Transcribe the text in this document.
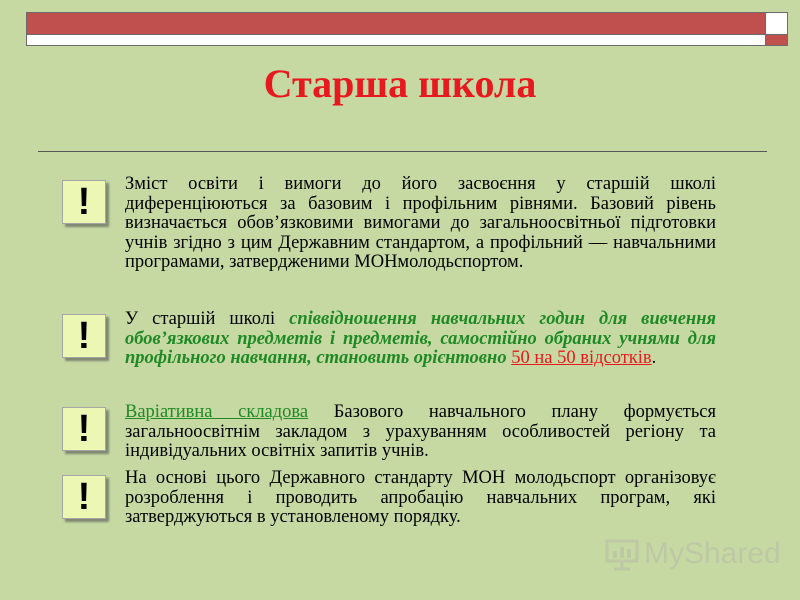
Старша школа
!	Зміст освіти і вимоги до його засвоєння у старшій школі диференціюються за базовим і профільним рівнями. Базовий рівень визначається обов’язковими вимогами до загальноосвітньої підготовки учнів згідно з цим Державним стандартом, а профільний — навчальними програмами, затвердженими МОНмолодьспортом.

!	У старшій школі співвідношення навчальних годин для вивчення обов’язкових предметів і предметів, самостійно обраних учнями для профільного навчання, становить орієнтовно 50 на 50 відсотків.

!	Варіативна складова Базового навчального плану формується загальноосвітнім закладом з урахуванням особливостей регіону та індивідуальних освітніх запитів учнів.

!	На основі цього Державного стандарту МОН молодьспорт організовує розроблення і проводить апробацію навчальних програм, які затверджуються в установленому порядку.

MyShared
